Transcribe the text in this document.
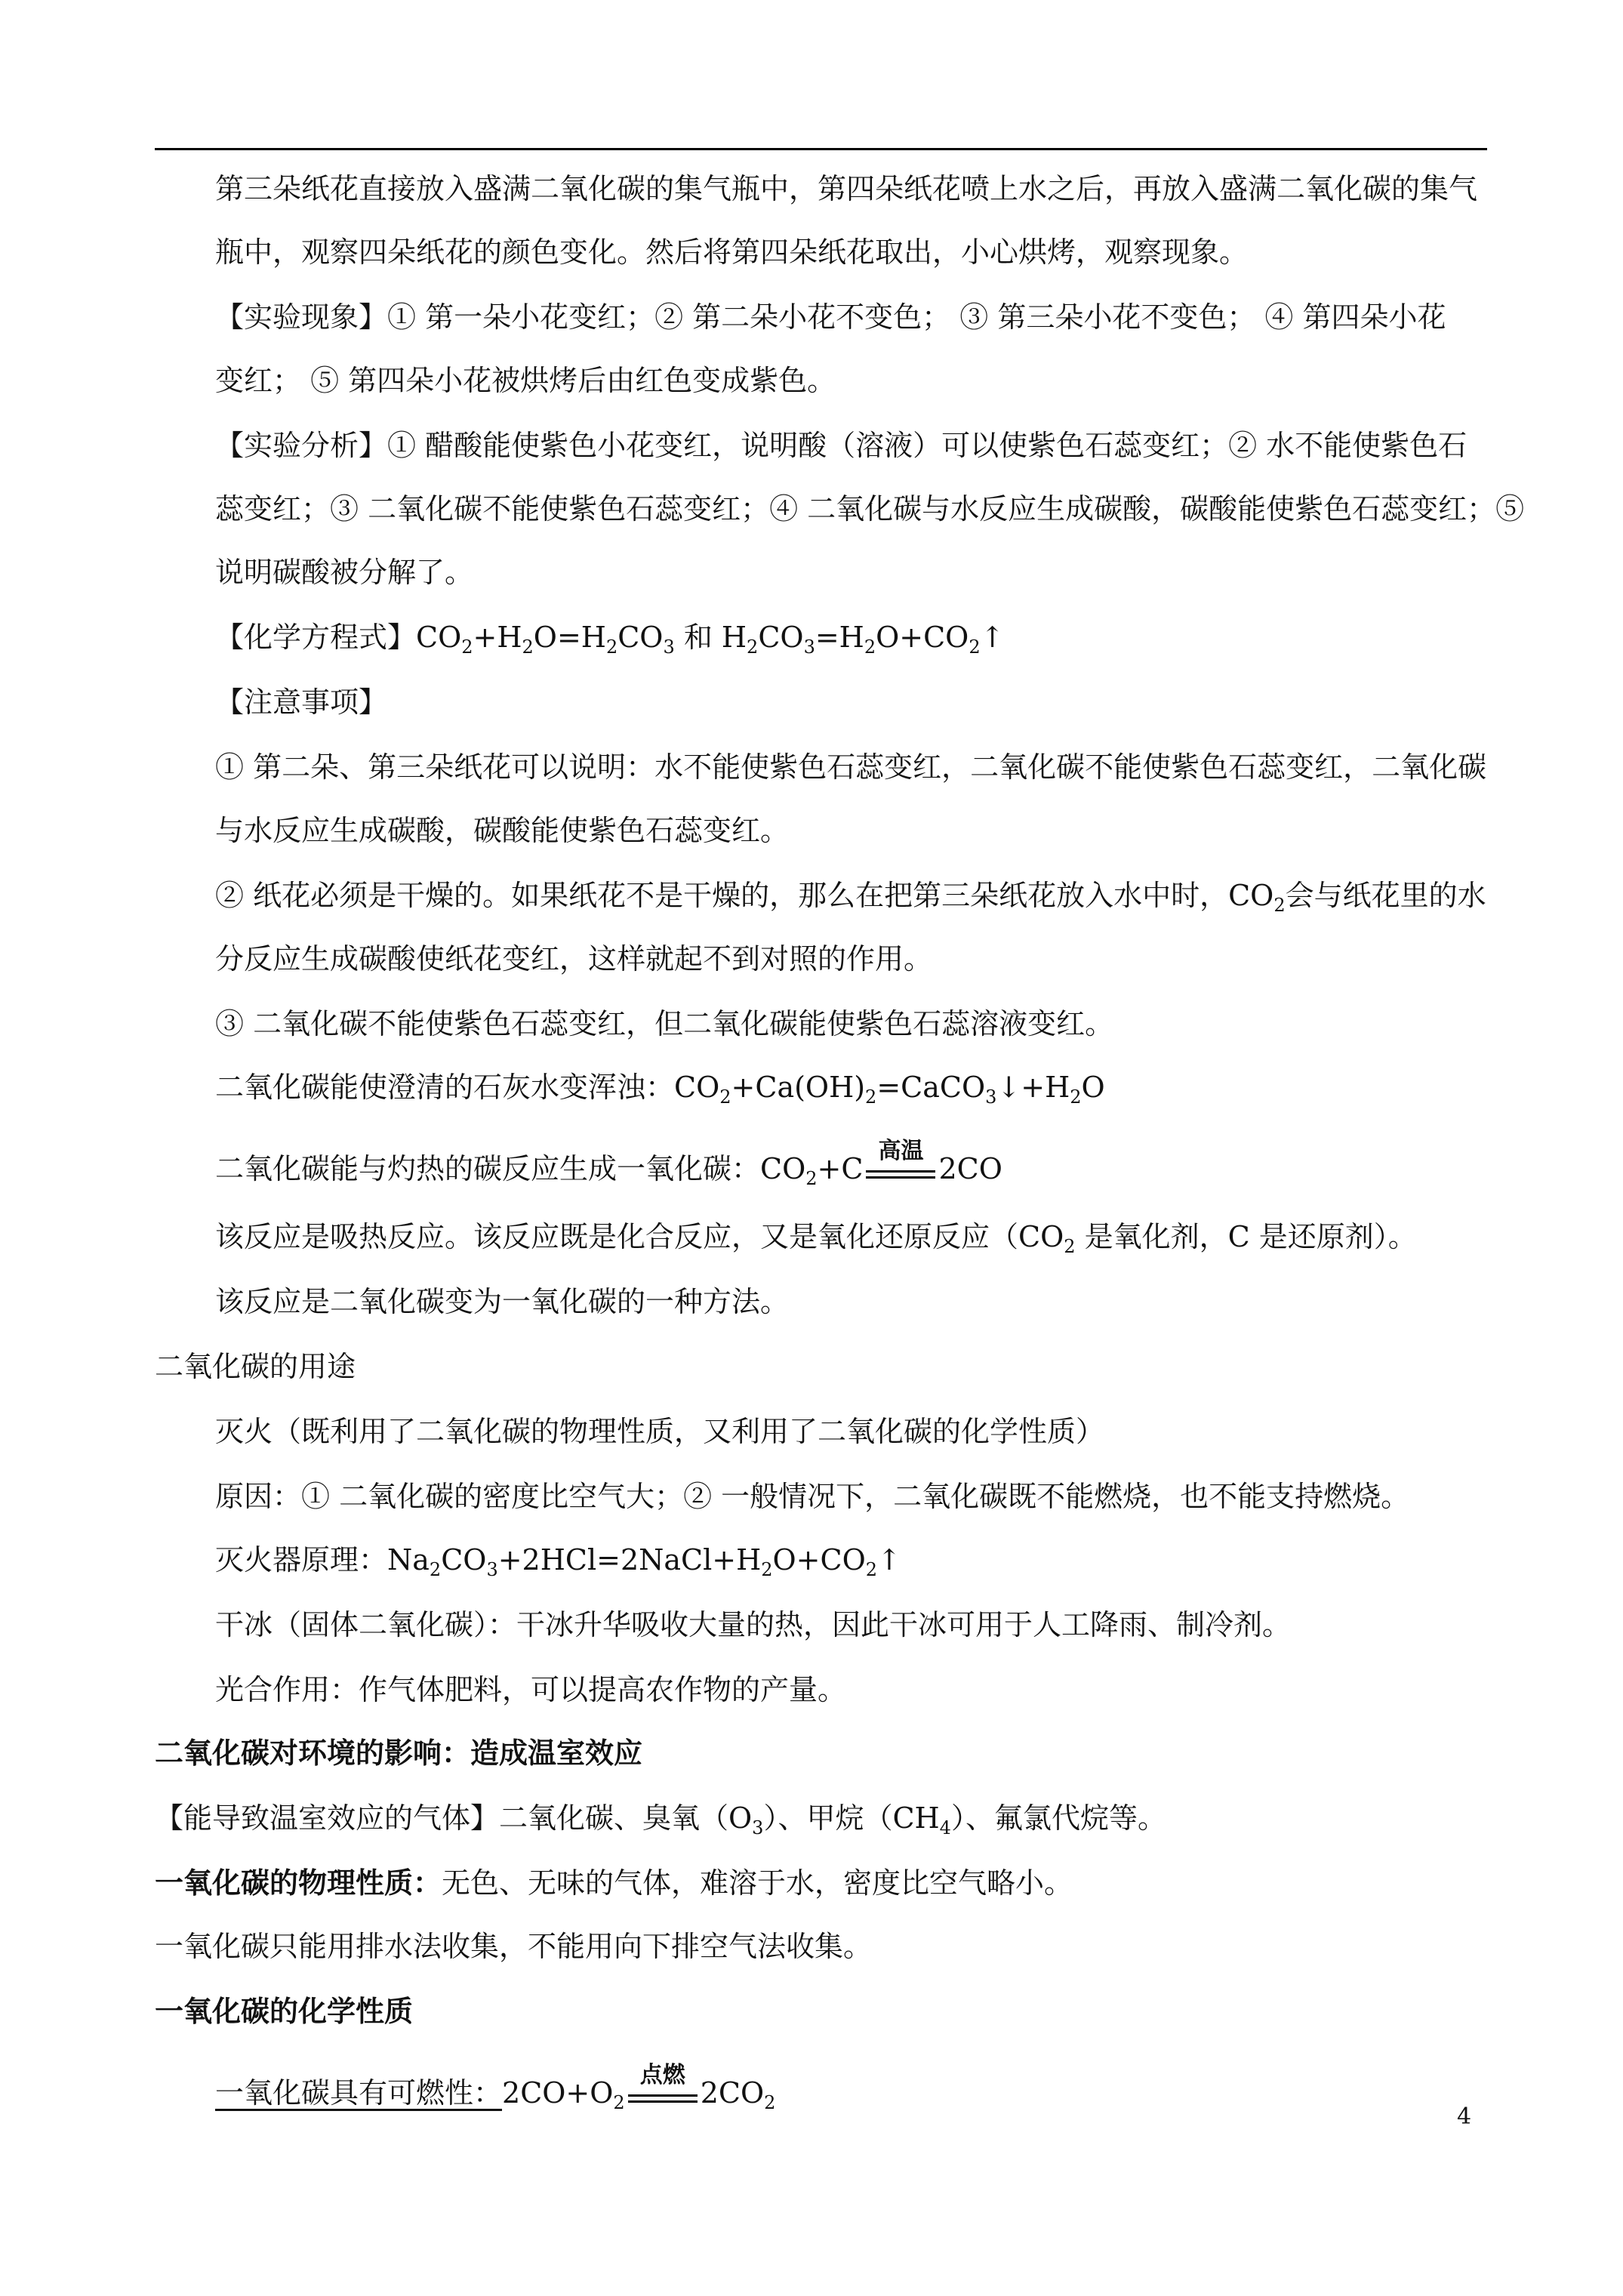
第三朵纸花直接放入盛满二氧化碳的集气瓶中，第四朵纸花喷上水之后，再放入盛满二氧化碳的集气
瓶中，观察四朵纸花的颜色变化。然后将第四朵纸花取出，小心烘烤，观察现象。
【实验现象】① 第一朵小花变红；② 第二朵小花不变色； ③ 第三朵小花不变色； ④ 第四朵小花
变红； ⑤ 第四朵小花被烘烤后由红色变成紫色。
【实验分析】① 醋酸能使紫色小花变红，说明酸（溶液）可以使紫色石蕊变红；② 水不能使紫色石
蕊变红；③ 二氧化碳不能使紫色石蕊变红；④ 二氧化碳与水反应生成碳酸，碳酸能使紫色石蕊变红；⑤
说明碳酸被分解了。
【化学方程式】$CO_2+H_2O=H_2CO_3$ 和 $H_2CO_3=H_2O+CO_2↑$
【注意事项】
① 第二朵、第三朵纸花可以说明：水不能使紫色石蕊变红，二氧化碳不能使紫色石蕊变红，二氧化碳
与水反应生成碳酸，碳酸能使紫色石蕊变红。
② 纸花必须是干燥的。如果纸花不是干燥的，那么在把第三朵纸花放入水中时，$CO_2$会与纸花里的水
分反应生成碳酸使纸花变红，这样就起不到对照的作用。
③ 二氧化碳不能使紫色石蕊变红，但二氧化碳能使紫色石蕊溶液变红。
二氧化碳能使澄清的石灰水变浑浊：$CO_2+Ca(OH)_2=CaCO_3↓+H_2O$
二氧化碳能与灼热的碳反应生成一氧化碳：$CO_2+C$
高温
2CO
该反应是吸热反应。该反应既是化合反应，又是氧化还原反应（$CO_2$ 是氧化剂，C 是还原剂）。
该反应是二氧化碳变为一氧化碳的一种方法。
二氧化碳的用途
灭火（既利用了二氧化碳的物理性质，又利用了二氧化碳的化学性质）
原因：① 二氧化碳的密度比空气大；② 一般情况下，二氧化碳既不能燃烧，也不能支持燃烧。
灭火器原理：$Na_2CO_3+2HCl=2NaCl+H_2O+CO_2↑$
干冰（固体二氧化碳）：干冰升华吸收大量的热，因此干冰可用于人工降雨、制冷剂。
光合作用：作气体肥料，可以提高农作物的产量。
二氧化碳对环境的影响：造成温室效应
【能导致温室效应的气体】二氧化碳、臭氧$(O_3)$、甲烷$(CH_4)$、氟氯代烷等。
一氧化碳的物理性质：无色、无味的气体，难溶于水，密度比空气略小。
一氧化碳只能用排水法收集，不能用向下排空气法收集。
一氧化碳的化学性质
一氧化碳具有可燃性：$2CO+O_2$
点燃
$2CO_2$
4
